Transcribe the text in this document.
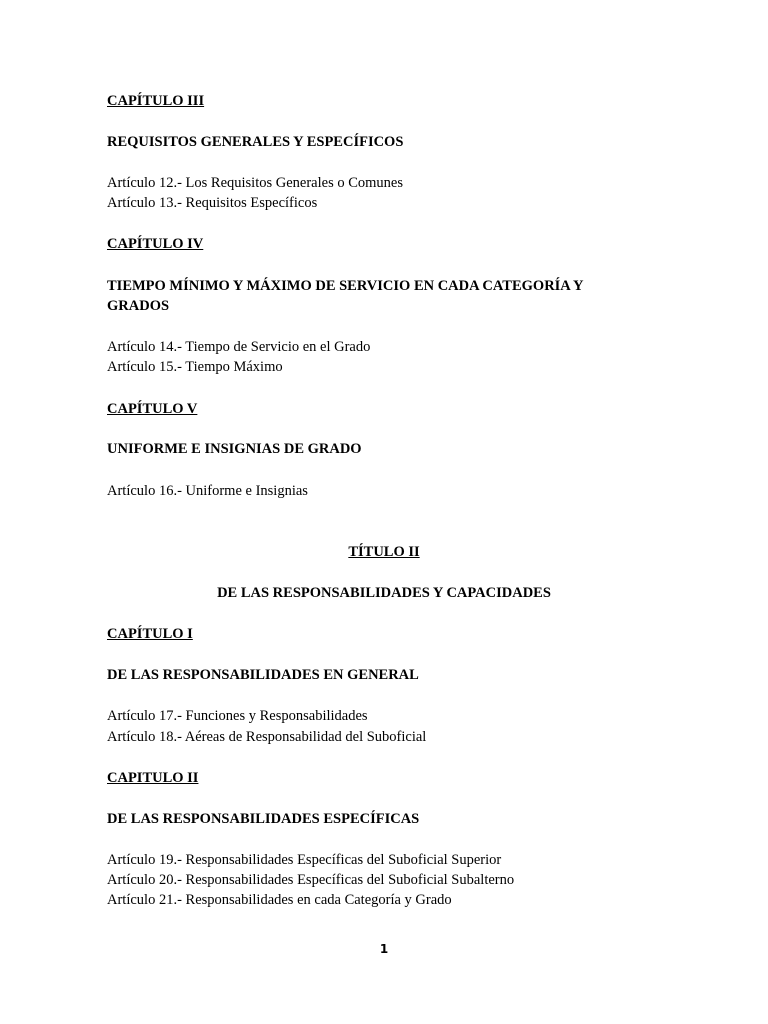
CAPÍTULO III
REQUISITOS GENERALES Y ESPECÍFICOS
Artículo 12.- Los Requisitos Generales o Comunes
Artículo 13.- Requisitos Específicos
CAPÍTULO IV
TIEMPO MÍNIMO Y MÁXIMO DE SERVICIO EN CADA CATEGORÍA Y
GRADOS
Artículo 14.- Tiempo de Servicio en el Grado
Artículo 15.- Tiempo Máximo
CAPÍTULO V
UNIFORME E INSIGNIAS DE GRADO
Artículo 16.- Uniforme e Insignias
TÍTULO II
DE LAS RESPONSABILIDADES Y CAPACIDADES
CAPÍTULO I
DE LAS RESPONSABILIDADES EN GENERAL
Artículo 17.- Funciones y Responsabilidades
Artículo 18.- Aéreas de Responsabilidad del Suboficial
CAPITULO II
DE LAS RESPONSABILIDADES ESPECÍFICAS
Artículo 19.- Responsabilidades Específicas del Suboficial Superior
Artículo 20.- Responsabilidades Específicas del Suboficial Subalterno
Artículo 21.- Responsabilidades en cada Categoría y Grado
1
